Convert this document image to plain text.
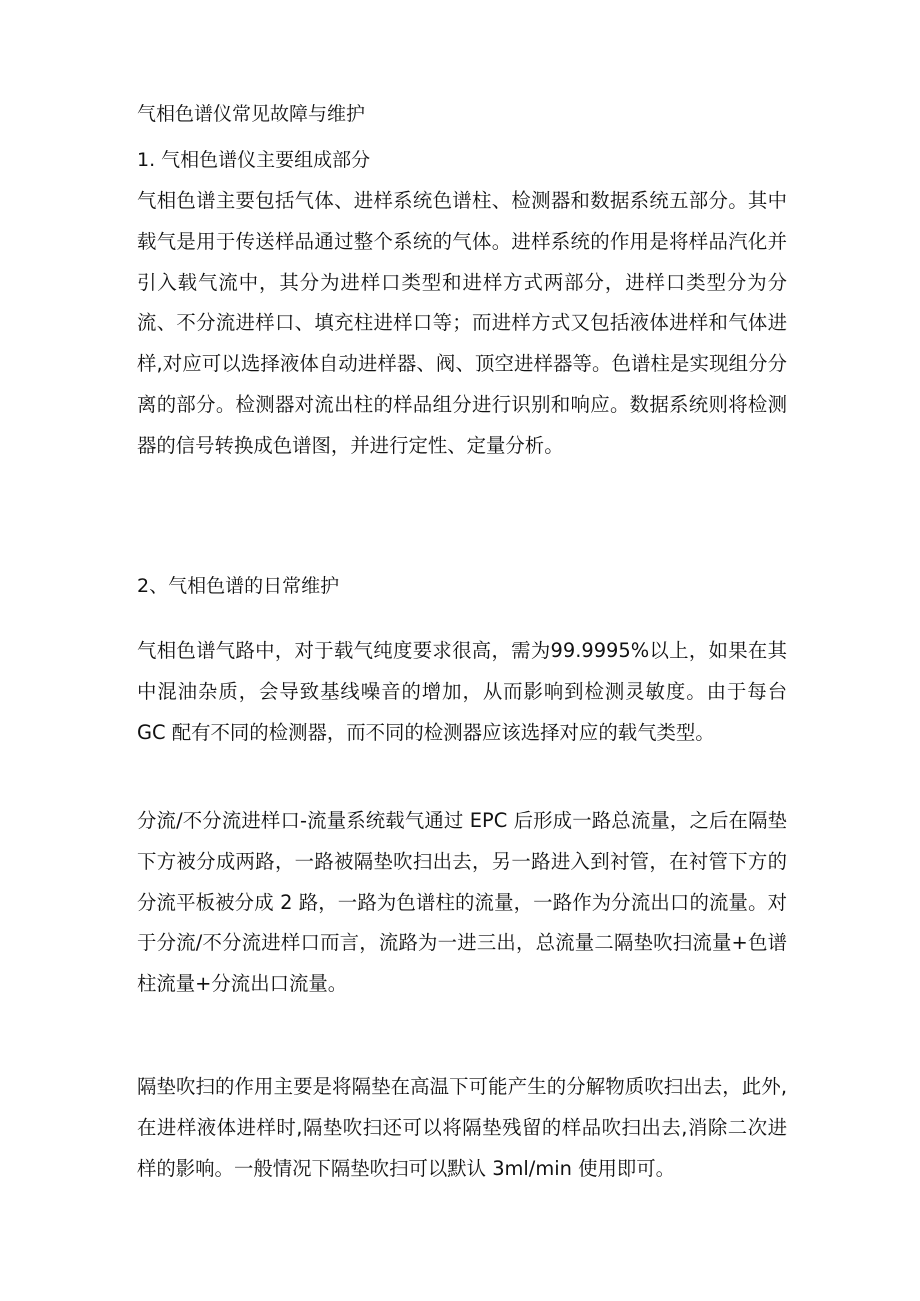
气相色谱仪常见故障与维护

1. 气相色谱仪主要组成部分

气相色谱主要包括气体、进样系统色谱柱、检测器和数据系统五部分。其中载气是用于传送样品通过整个系统的气体。进样系统的作用是将样品汽化并引入载气流中，其分为进样口类型和进样方式两部分，进样口类型分为分流、不分流进样口、填充柱进样口等；而进样方式又包括液体进样和气体进样,对应可以选择液体自动进样器、阀、顶空进样器等。色谱柱是实现组分分离的部分。检测器对流出柱的样品组分进行识别和响应。数据系统则将检测器的信号转换成色谱图，并进行定性、定量分析。

2、气相色谱的日常维护

气相色谱气路中，对于载气纯度要求很高，需为99.9995%以上，如果在其中混油杂质，会导致基线噪音的增加，从而影响到检测灵敏度。由于每台 GC 配有不同的检测器，而不同的检测器应该选择对应的载气类型。

分流/不分流进样口-流量系统载气通过 EPC 后形成一路总流量，之后在隔垫下方被分成两路，一路被隔垫吹扫出去，另一路进入到衬管，在衬管下方的分流平板被分成 2 路，一路为色谱柱的流量，一路作为分流出口的流量。对于分流/不分流进样口而言，流路为一进三出，总流量二隔垫吹扫流量+色谱柱流量+分流出口流量。

隔垫吹扫的作用主要是将隔垫在高温下可能产生的分解物质吹扫出去，此外,在进样液体进样时,隔垫吹扫还可以将隔垫残留的样品吹扫出去,消除二次进样的影响。一般情况下隔垫吹扫可以默认 3ml/min 使用即可。
